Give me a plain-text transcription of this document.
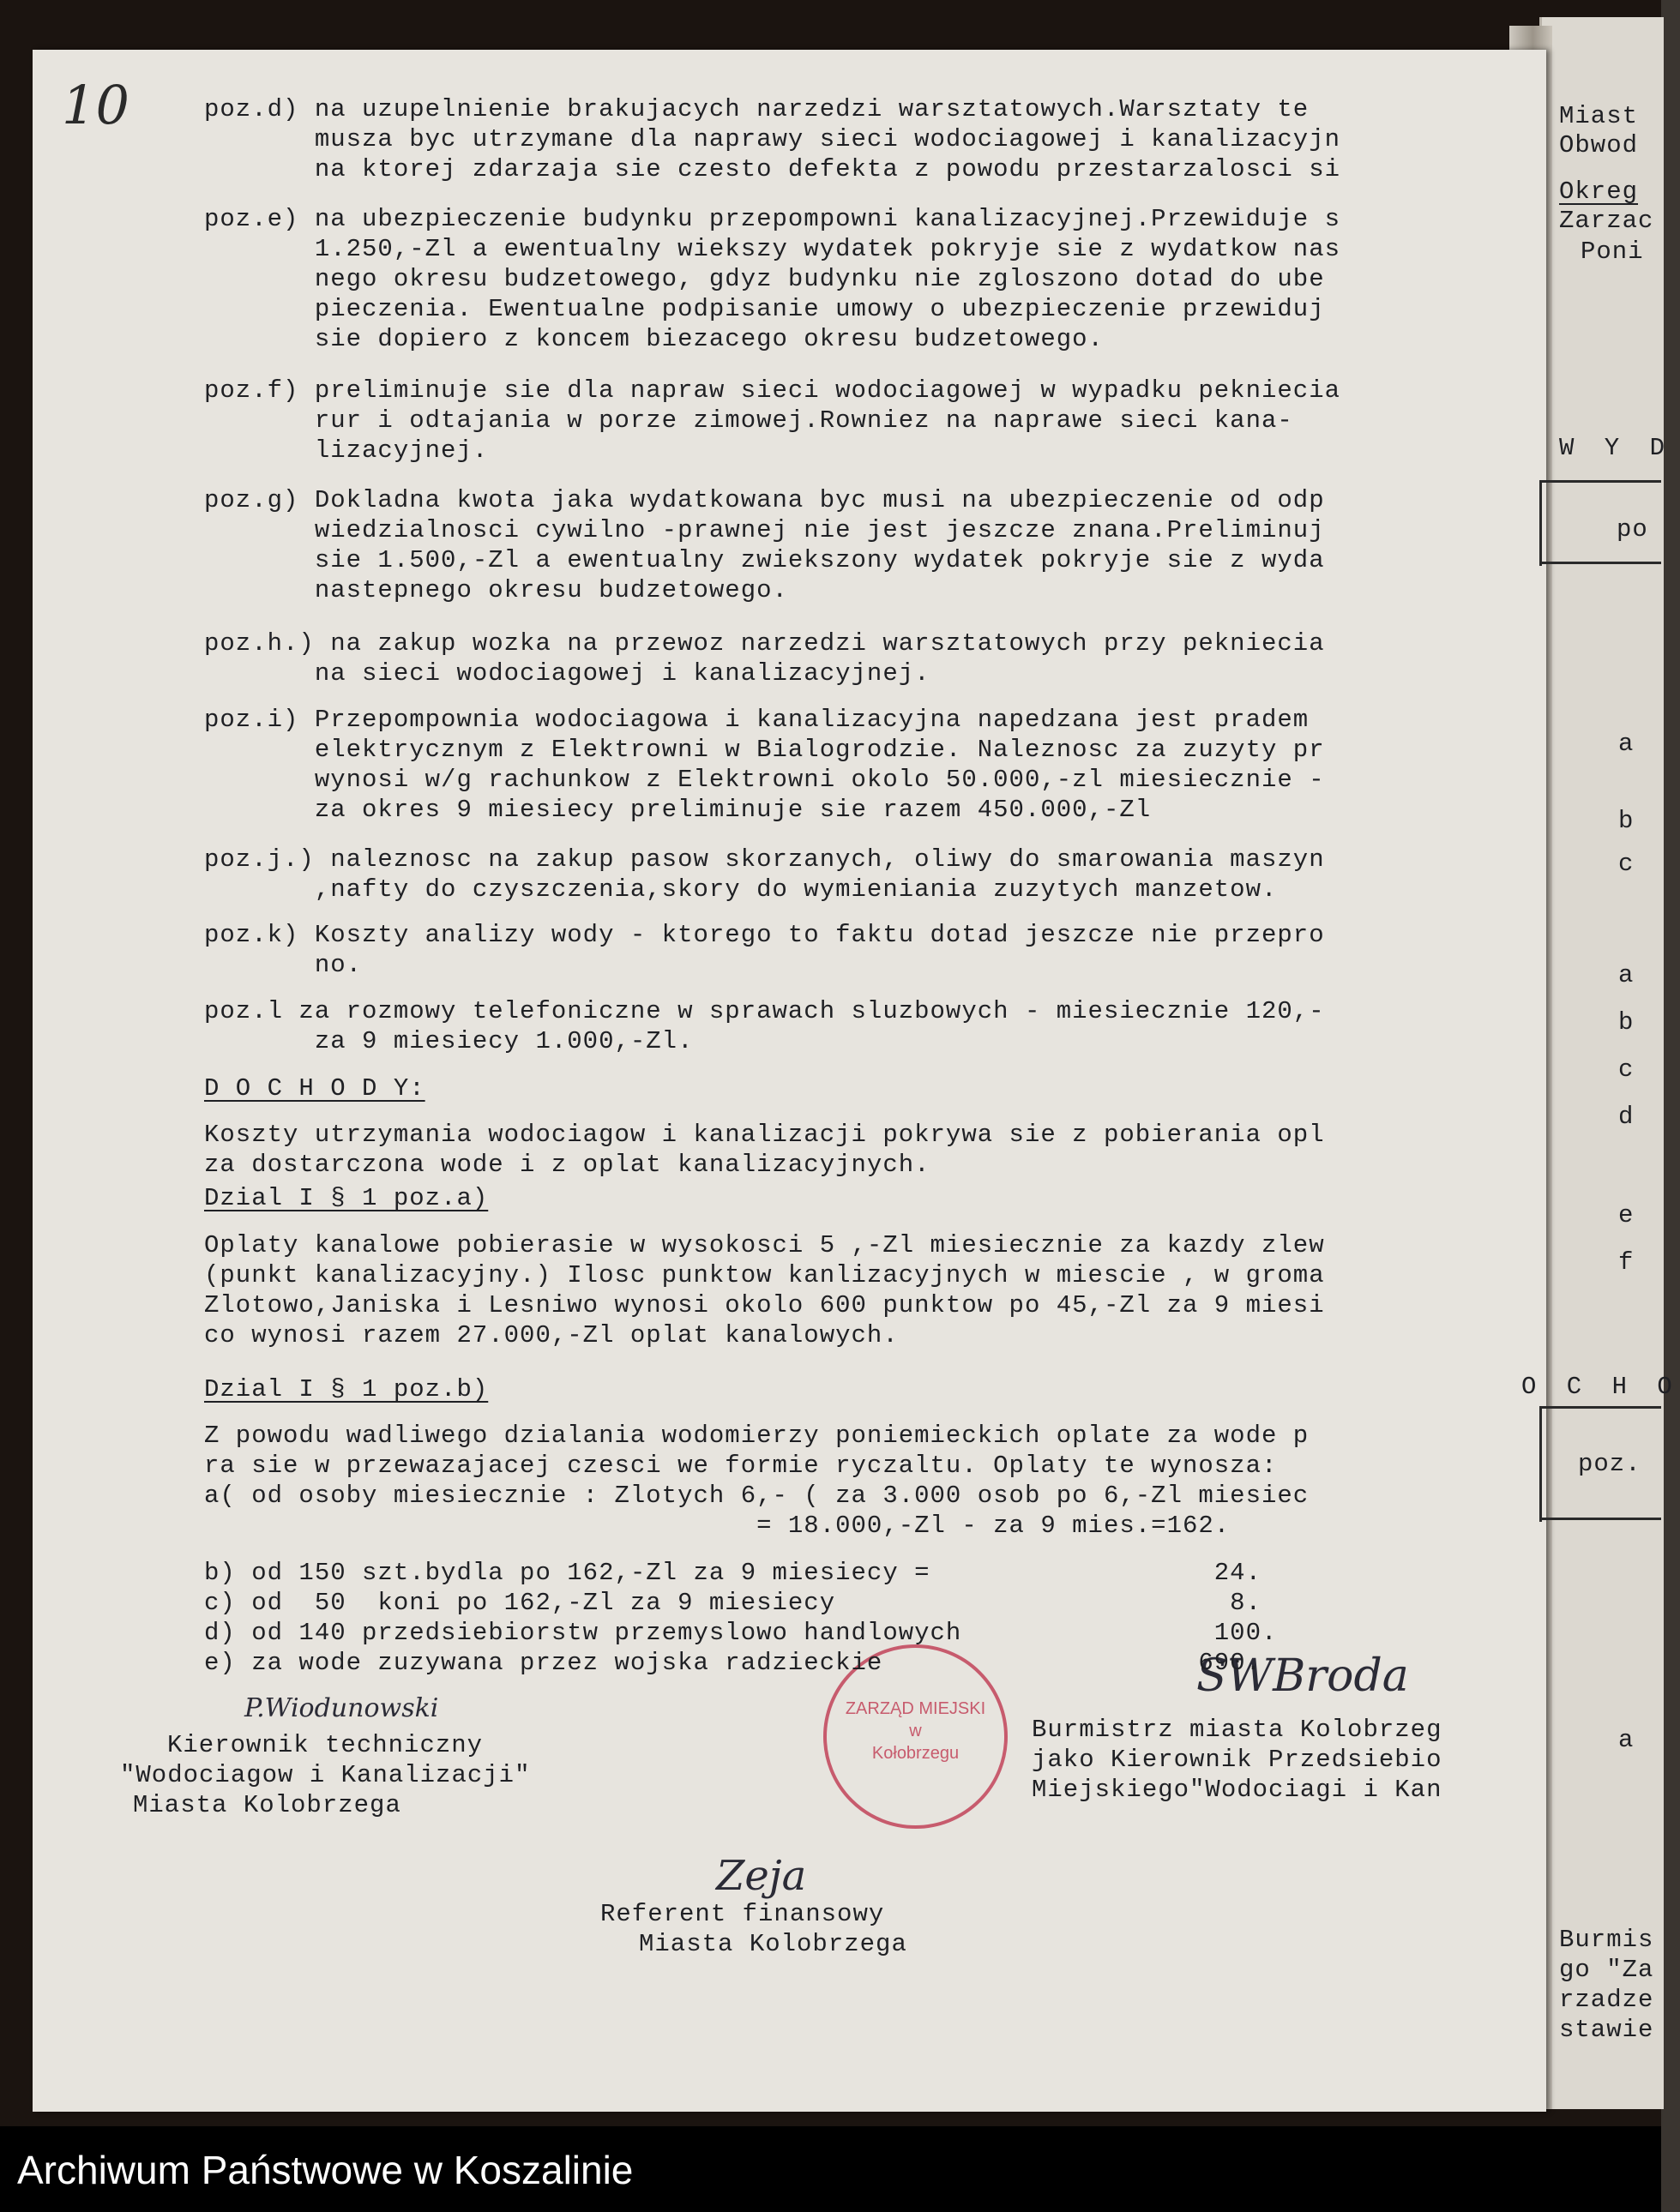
10
ZARZĄD MIEJSKI
w
Kołobrzegu
P.Wiodunowski
SWBroda
Zeja
poz.d) na uzupelnienie brakujacych narzedzi warsztatowych.Warsztaty te
musza byc utrzymane dla naprawy sieci wodociagowej i kanalizacyjn
na ktorej zdarzaja sie czesto defekta z powodu przestarzalosci si
poz.e) na ubezpieczenie budynku przepompowni kanalizacyjnej.Przewiduje s
1.250,-Zl a ewentualny wiekszy wydatek pokryje sie z wydatkow nas
nego okresu budzetowego, gdyz budynku nie zgloszono dotad do ube
pieczenia. Ewentualne podpisanie umowy o ubezpieczenie przewiduj
sie dopiero z koncem biezacego okresu budzetowego.
poz.f) preliminuje sie dla napraw sieci wodociagowej w wypadku pekniecia
rur i odtajania w porze zimowej.Rowniez na naprawe sieci kana-
lizacyjnej.
poz.g) Dokladna kwota jaka wydatkowana byc musi na ubezpieczenie od odp
wiedzialnosci cywilno -prawnej nie jest jeszcze znana.Preliminuj
sie 1.500,-Zl a ewentualny zwiekszony wydatek pokryje sie z wyda
nastepnego okresu budzetowego.
poz.h.) na zakup wozka na przewoz narzedzi warsztatowych przy pekniecia
na sieci wodociagowej i kanalizacyjnej.
poz.i) Przepompownia wodociagowa i kanalizacyjna napedzana jest pradem
elektrycznym z Elektrowni w Bialogrodzie. Naleznosc za zuzyty pr
wynosi w/g rachunkow z Elektrowni okolo 50.000,-zl miesiecznie -
za okres 9 miesiecy preliminuje sie razem 450.000,-Zl
poz.j.) naleznosc na zakup pasow skorzanych, oliwy do smarowania maszyn
,nafty do czyszczenia,skory do wymieniania zuzytych manzetow.
poz.k) Koszty analizy wody - ktorego to faktu dotad jeszcze nie przepro
no.
poz.l za rozmowy telefoniczne w sprawach sluzbowych - miesiecznie 120,-
za 9 miesiecy 1.000,-Zl.
D O C H O D Y:
Koszty utrzymania wodociagow i kanalizacji pokrywa sie z pobierania opl
za dostarczona wode i z oplat kanalizacyjnych.
Dzial I § 1 poz.a)
Oplaty kanalowe pobierasie w wysokosci 5 ,-Zl miesiecznie za kazdy zlew
(punkt kanalizacyjny.) Ilosc punktow kanlizacyjnych w miescie , w groma
Zlotowo,Janiska i Lesniwo wynosi okolo 600 punktow po 45,-Zl za 9 miesi
co wynosi razem 27.000,-Zl oplat kanalowych.
Dzial I § 1 poz.b)
Z powodu wadliwego dzialania wodomierzy poniemieckich oplate za wode p
ra sie w przewazajacej czesci we formie ryczaltu. Oplaty te wynosza:
a( od osoby miesiecznie : Zlotych 6,- ( za 3.000 osob po 6,-Zl miesiec
= 18.000,-Zl - za 9 mies.=162.
b) od 150 szt.bydla po 162,-Zl za 9 miesiecy =                  24.
c) od  50  koni po 162,-Zl za 9 miesiecy                         8.
d) od 140 przedsiebiorstw przemyslowo handlowych                100.
e) za wode zuzywana przez wojska radzieckie                    690.
Kierownik techniczny
"Wodociagow i Kanalizacji"
Miasta Kolobrzega
Burmistrz miasta Kolobrzeg
jako Kierownik Przedsiebio
Miejskiego"Wodociagi i Kan
Referent finansowy
Miasta Kolobrzega
Miast
Obwod
Okreg
Zarzac
Poni
W Y D
po
a
b
c
a
b
c
d
e
f
O C H O
poz.
a
Burmis
go "Za
rzadze
stawie
Archiwum Państwowe w Koszalinie
